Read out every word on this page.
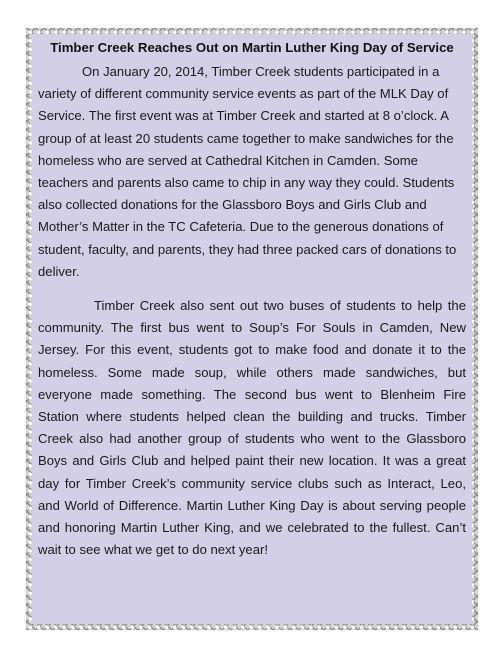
Timber Creek Reaches Out on Martin Luther King Day of Service

On January 20, 2014, Timber Creek students participated in a variety of different community service events as part of the MLK Day of Service. The first event was at Timber Creek and started at 8 o’clock. A group of at least 20 students came together to make sandwiches for the homeless who are served at Cathedral Kitchen in Camden. Some teachers and parents also came to chip in any way they could. Students also collected donations for the Glassboro Boys and Girls Club and Mother’s Matter in the TC Cafeteria. Due to the generous donations of student, faculty, and parents, they had three packed cars of donations to deliver.

Timber Creek also sent out two buses of students to help the community. The first bus went to Soup’s For Souls in Camden, New Jersey. For this event, students got to make food and donate it to the homeless. Some made soup, while others made sandwiches, but everyone made something. The second bus went to Blenheim Fire Station where students helped clean the building and trucks. Timber Creek also had another group of students who went to the Glassboro Boys and Girls Club and helped paint their new location. It was a great day for Timber Creek’s community service clubs such as Interact, Leo, and World of Difference. Martin Luther King Day is about serving people and honoring Martin Luther King, and we celebrated to the fullest. Can’t wait to see what we get to do next year!
